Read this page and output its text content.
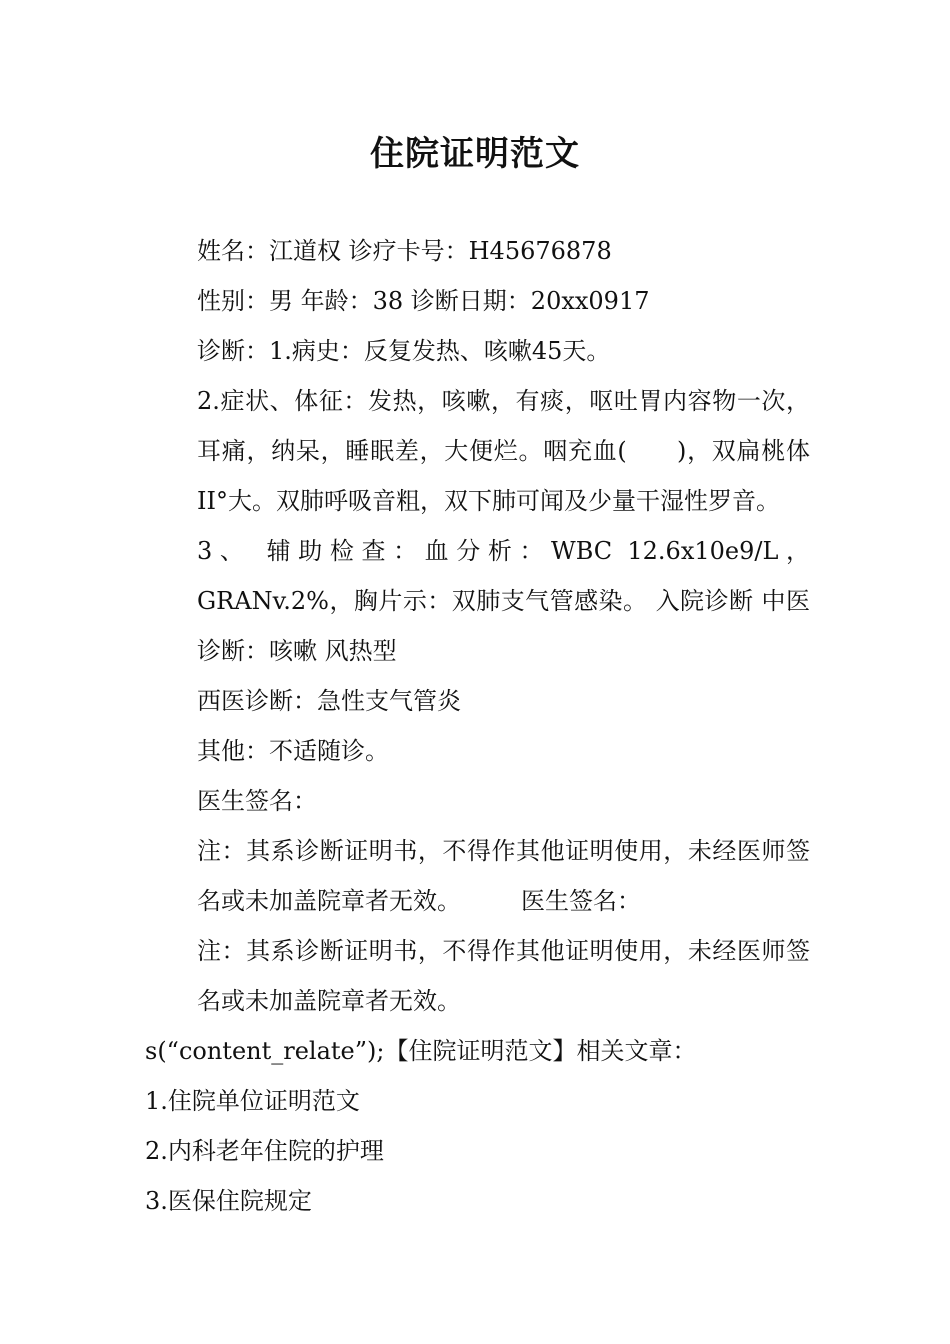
住院证明范文

姓名：江道权 诊疗卡号：H45676878

性别：男 年龄：38 诊断日期：20xx0917

诊断：1.病史：反复发热、咳嗽45天。

2.症状、体征：发热，咳嗽，有痰，呕吐胃内容物一次，耳痛，纳呆，睡眠差，大便烂。咽充血(　　)，双扁桃体II°大。双肺呼吸音粗，双下肺可闻及少量干湿性罗音。

3、 辅助检查：血分析：WBC 12.6x10e9/L，GRANv.2%，胸片示：双肺支气管感染。 入院诊断 中医诊断：咳嗽 风热型

西医诊断：急性支气管炎

其他：不适随诊。

医生签名：

注：其系诊断证明书，不得作其他证明使用，未经医师签名或未加盖院章者无效。	医生签名：

注：其系诊断证明书，不得作其他证明使用，未经医师签名或未加盖院章者无效。

s(“content_relate”);【住院证明范文】相关文章：

1.住院单位证明范文

2.内科老年住院的护理

3.医保住院规定
